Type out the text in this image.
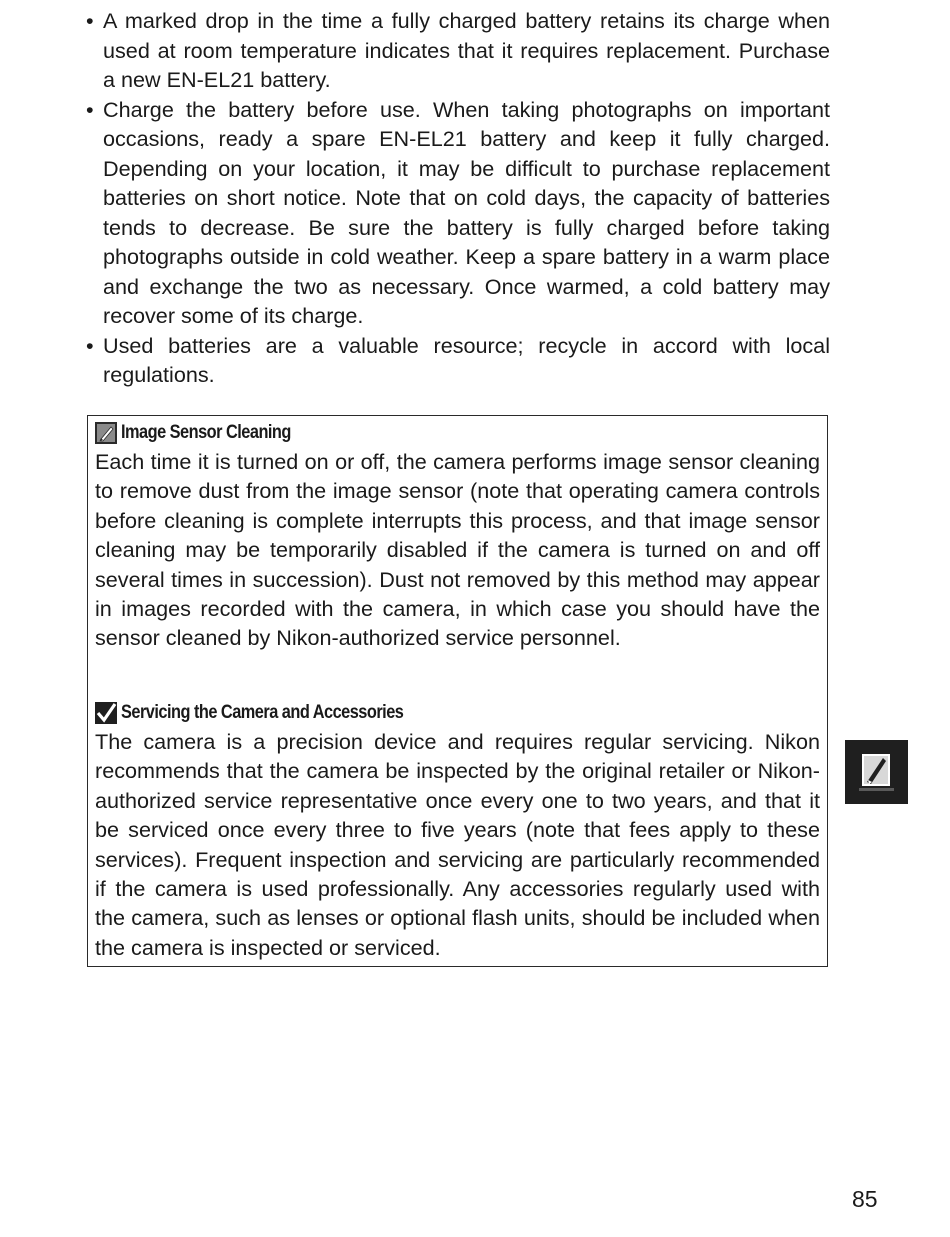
• A marked drop in the time a fully charged battery retains its charge when used at room temperature indicates that it requires replacement. Purchase a new EN-EL21 battery.
• Charge the battery before use. When taking photographs on important occasions, ready a spare EN-EL21 battery and keep it fully charged. Depending on your location, it may be difficult to purchase replacement batteries on short notice. Note that on cold days, the capacity of batteries tends to decrease. Be sure the battery is fully charged before taking photographs outside in cold weather. Keep a spare battery in a warm place and exchange the two as necessary. Once warmed, a cold battery may recover some of its charge.
• Used batteries are a valuable resource; recycle in accord with local regulations.
Image Sensor Cleaning
Each time it is turned on or off, the camera performs image sensor cleaning to remove dust from the image sensor (note that operating camera controls before cleaning is complete interrupts this process, and that image sensor cleaning may be temporarily disabled if the camera is turned on and off several times in succession). Dust not removed by this method may appear in images recorded with the camera, in which case you should have the sensor cleaned by Nikon-authorized service personnel.
Servicing the Camera and Accessories
The camera is a precision device and requires regular servicing. Nikon recommends that the camera be inspected by the original retailer or Nikon-authorized service representative once every one to two years, and that it be serviced once every three to five years (note that fees apply to these services). Frequent inspection and servicing are particularly recommended if the camera is used professionally. Any accessories regularly used with the camera, such as lenses or optional flash units, should be included when the camera is inspected or serviced.
85
